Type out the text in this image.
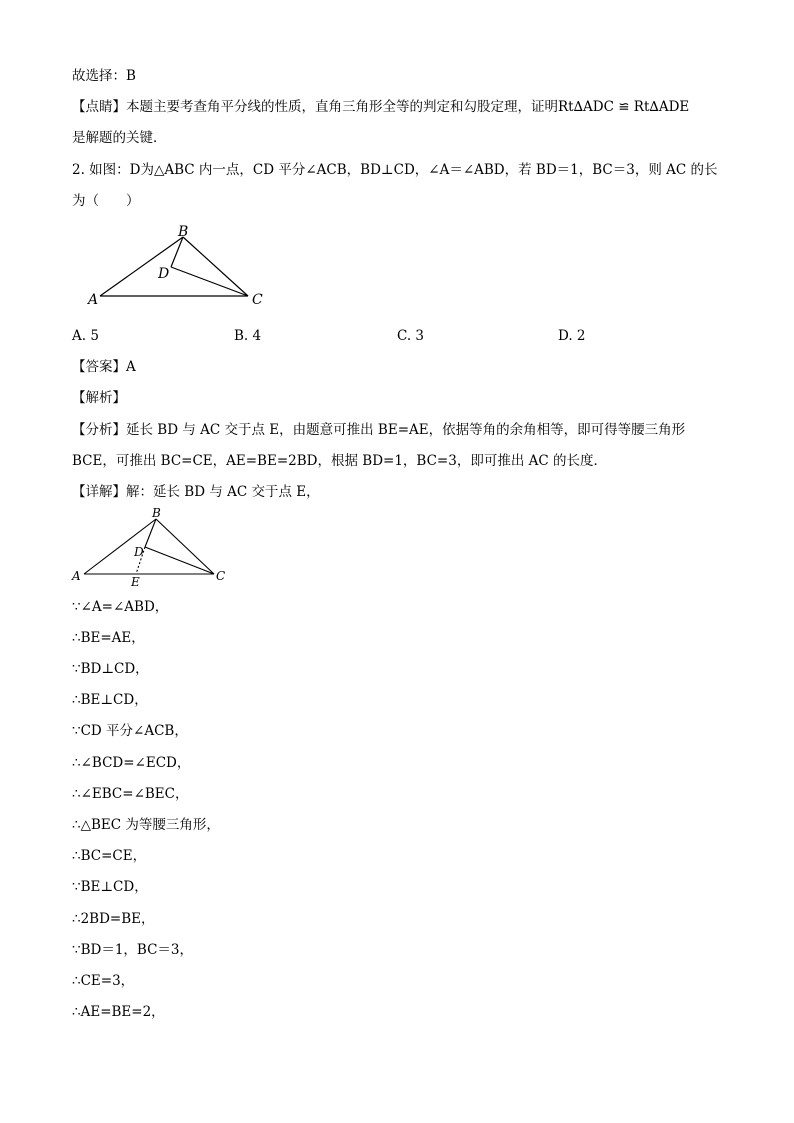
故选择：B
【点睛】本题主要考查角平分线的性质，直角三角形全等的判定和勾股定理，证明Rt∆ADC ≌ Rt∆ADE
是解题的关键．
2. 如图：D为△ABC 内一点，CD 平分∠ACB，BD⊥CD，∠A＝∠ABD，若 BD＝1，BC＝3，则 AC 的长
为（　　）
A
B
C
D
A. 5	B. 4	C. 3	D. 2
【答案】A
【解析】
【分析】延长 BD 与 AC 交于点 E，由题意可推出 BE=AE，依据等角的余角相等，即可得等腰三角形
BCE，可推出 BC=CE，AE=BE=2BD，根据 BD=1，BC=3，即可推出 AC 的长度．
【详解】解：延长 BD 与 AC 交于点 E，
A
B
C
D
E
∵∠A=∠ABD，
∴BE=AE，
∵BD⊥CD，
∴BE⊥CD，
∵CD 平分∠ACB，
∴∠BCD=∠ECD，
∴∠EBC=∠BEC，
∴△BEC 为等腰三角形，
∴BC=CE，
∵BE⊥CD，
∴2BD=BE，
∵BD＝1，BC＝3，
∴CE=3，
∴AE=BE=2，
